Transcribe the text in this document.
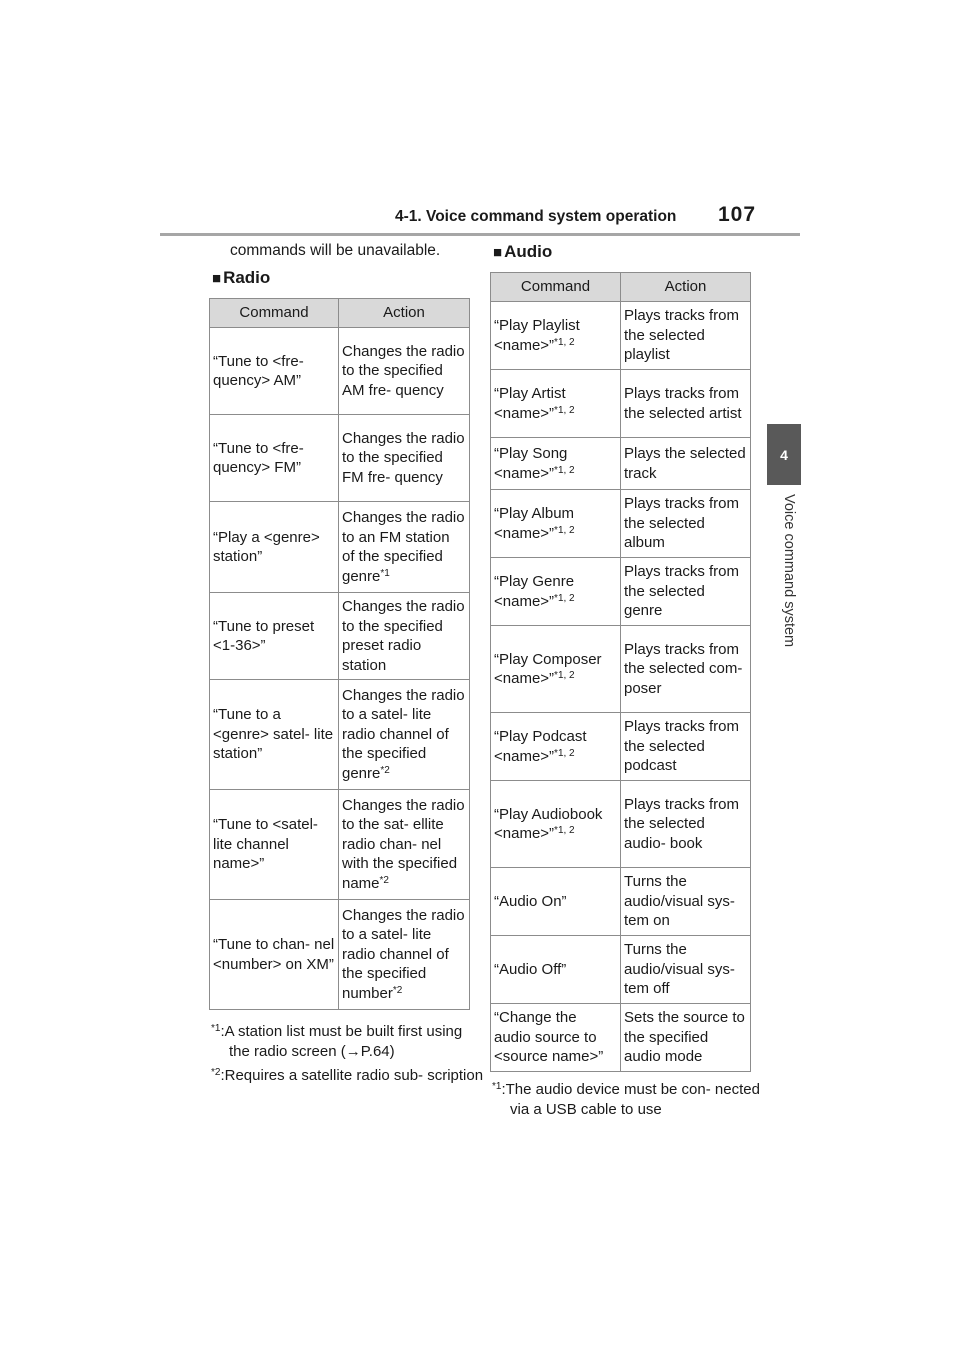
4-1. Voice command system operation 107
4
Voice command system
commands will be unavailable.
■ Radio
Command	Action
“Tune to <fre- quency> AM”	Changes the radio to the specified AM fre- quency
“Tune to <fre- quency> FM”	Changes the radio to the specified FM fre- quency
“Play a <genre> station”	Changes the radio to an FM station of the specified genre$^{*1}$
“Tune to preset <1-36>”	Changes the radio to the specified preset radio station
“Tune to a <genre> satel- lite station”	Changes the radio to a satel- lite radio channel of the specified genre$^{*2}$
“Tune to <satel- lite channel name>”	Changes the radio to the sat- ellite radio chan- nel with the specified name$^{*2}$
“Tune to chan- nel <number> on XM”	Changes the radio to a satel- lite radio channel of the specified number$^{*2}$
$^{*1}$:A station list must be built first using the radio screen (→P.64)
$^{*2}$:Requires a satellite radio sub- scription
■ Audio
Command	Action
“Play Playlist <name>”$^{*1, 2}$	Plays tracks from the selected playlist
“Play Artist <name>”$^{*1, 2}$	Plays tracks from the selected artist
“Play Song <name>”$^{*1, 2}$	Plays the selected track
“Play Album <name>”$^{*1, 2}$	Plays tracks from the selected album
“Play Genre <name>”$^{*1, 2}$	Plays tracks from the selected genre
“Play Composer <name>”$^{*1, 2}$	Plays tracks from the selected com- poser
“Play Podcast <name>”$^{*1, 2}$	Plays tracks from the selected podcast
“Play Audiobook <name>”$^{*1, 2}$	Plays tracks from the selected audio- book
“Audio On”	Turns the audio/visual sys- tem on
“Audio Off”	Turns the audio/visual sys- tem off
“Change the audio source to <source name>”	Sets the source to the specified audio mode
$^{*1}$:The audio device must be con- nected via a USB cable to use
